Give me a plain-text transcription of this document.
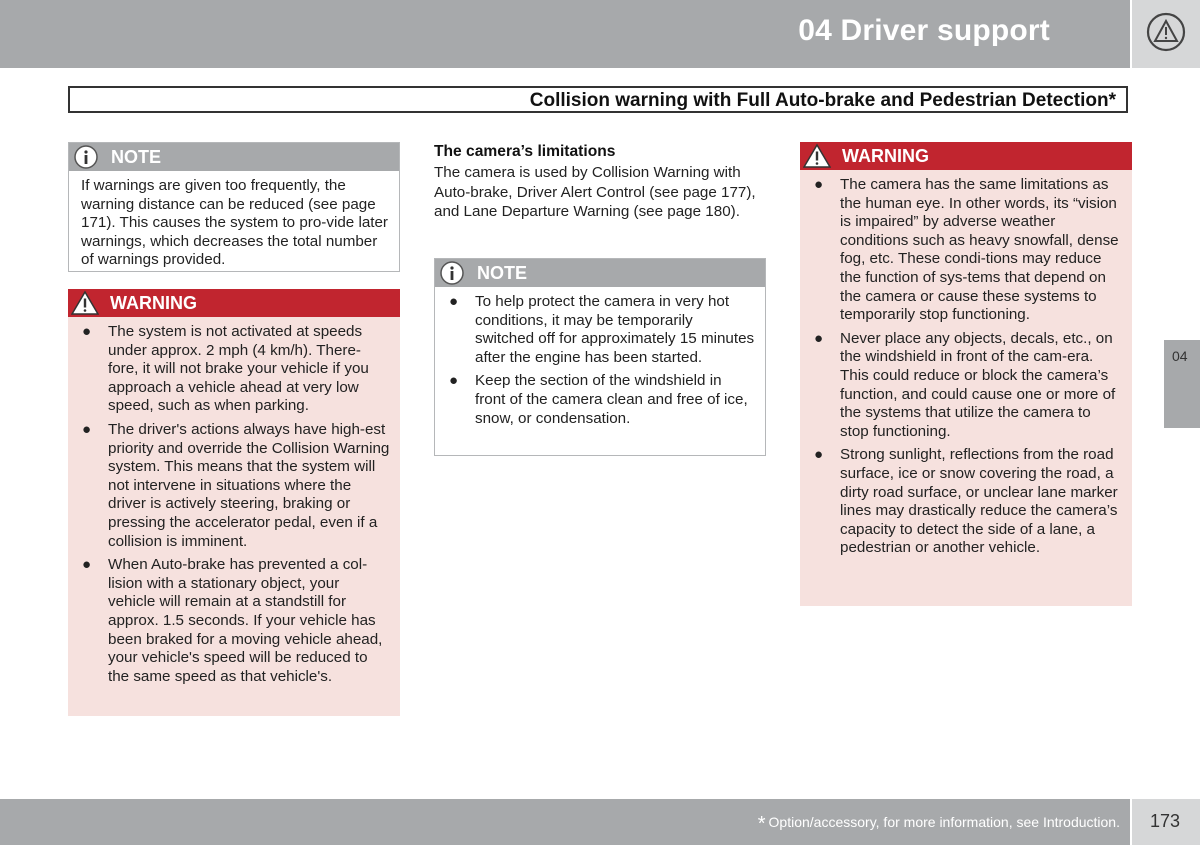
04 Driver support
Collision warning with Full Auto-brake and Pedestrian Detection*
NOTE
If warnings are given too frequently, the warning distance can be reduced (see page 171). This causes the system to pro-vide later warnings, which decreases the total number of warnings provided.
WARNING
● The system is not activated at speeds under approx. 2 mph (4 km/h). There-fore, it will not brake your vehicle if you approach a vehicle ahead at very low speed, such as when parking.
● The driver's actions always have high-est priority and override the Collision Warning system. This means that the system will not intervene in situations where the driver is actively steering, braking or pressing the accelerator pedal, even if a collision is imminent.
● When Auto-brake has prevented a col-lision with a stationary object, your vehicle will remain at a standstill for approx. 1.5 seconds. If your vehicle has been braked for a moving vehicle ahead, your vehicle's speed will be reduced to the same speed as that vehicle's.
The camera’s limitations
The camera is used by Collision Warning with Auto-brake, Driver Alert Control (see page 177), and Lane Departure Warning (see page 180).
NOTE
● To help protect the camera in very hot conditions, it may be temporarily switched off for approximately 15 minutes after the engine has been started.
● Keep the section of the windshield in front of the camera clean and free of ice, snow, or condensation.
WARNING
● The camera has the same limitations as the human eye. In other words, its “vision is impaired” by adverse weather conditions such as heavy snowfall, dense fog, etc. These condi-tions may reduce the function of sys-tems that depend on the camera or cause these systems to temporarily stop functioning.
● Never place any objects, decals, etc., on the windshield in front of the cam-era. This could reduce or block the camera’s function, and could cause one or more of the systems that utilize the camera to stop functioning.
● Strong sunlight, reflections from the road surface, ice or snow covering the road, a dirty road surface, or unclear lane marker lines may drastically reduce the camera’s capacity to detect the side of a lane, a pedestrian or another vehicle.
04
* Option/accessory, for more information, see Introduction. 173
